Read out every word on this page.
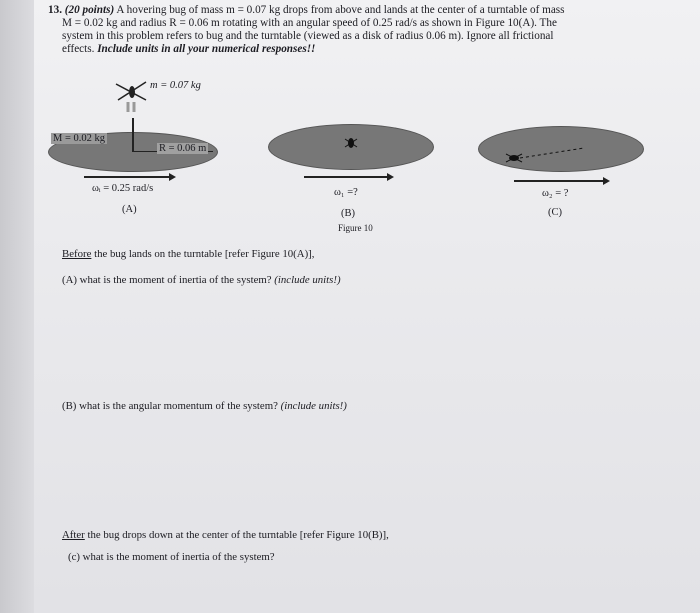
13. (20 points) A hovering bug of mass m = 0.07 kg drops from above and lands at the center of a turntable of mass

M = 0.02 kg and radius R = 0.06 m rotating with an angular speed of 0.25 rad/s as shown in Figure 10(A). The

system in this problem refers to bug and the turntable (viewed as a disk of radius 0.06 m). Ignore all frictional

effects. Include units in all your numerical responses!!

m = 0.07 kg
M = 0.02 kg
R = 0.06 m
ωᵢ = 0.25 rad/s
(A)
ω₁ =?
(B)
Figure 10
ω₂ = ?
(C)
Before the bug lands on the turntable [refer Figure 10(A)],
(A) what is the moment of inertia of the system? (include units!)
(B) what is the angular momentum of the system? (include units!)
After the bug drops down at the center of the turntable [refer Figure 10(B)],
(c) what is the moment of inertia of the system?
